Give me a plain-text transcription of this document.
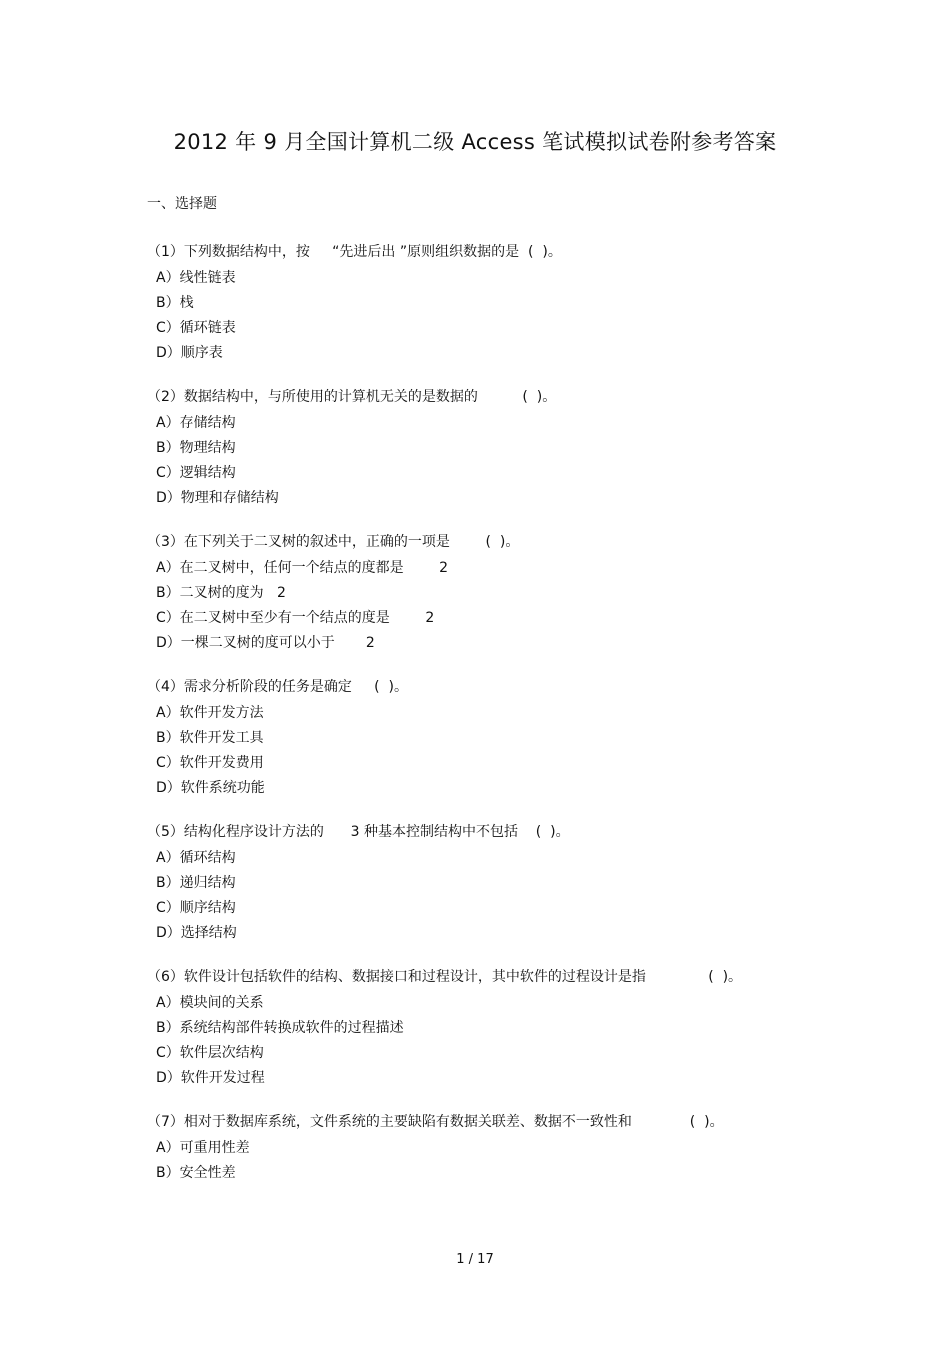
2012 年 9 月全国计算机二级 Access 笔试模拟试卷附参考答案
一、选择题
（1）下列数据结构中，按     “先进后出 ”原则组织数据的是  (  )。
A）线性链表
B）栈
C）循环链表
D）顺序表
（2）数据结构中，与所使用的计算机无关的是数据的          (  )。
A）存储结构
B）物理结构
C）逻辑结构
D）物理和存储结构
（3）在下列关于二叉树的叙述中，正确的一项是        (  )。
A）在二叉树中，任何一个结点的度都是        2
B）二叉树的度为   2
C）在二叉树中至少有一个结点的度是        2
D）一棵二叉树的度可以小于       2
（4）需求分析阶段的任务是确定     (  )。
A）软件开发方法
B）软件开发工具
C）软件开发费用
D）软件系统功能
（5）结构化程序设计方法的      3 种基本控制结构中不包括    (  )。
A）循环结构
B）递归结构
C）顺序结构
D）选择结构
（6）软件设计包括软件的结构、数据接口和过程设计，其中软件的过程设计是指              (  )。
A）模块间的关系
B）系统结构部件转换成软件的过程描述
C）软件层次结构
D）软件开发过程
（7）相对于数据库系统，文件系统的主要缺陷有数据关联差、数据不一致性和             (  )。
A）可重用性差
B）安全性差
1 / 17
